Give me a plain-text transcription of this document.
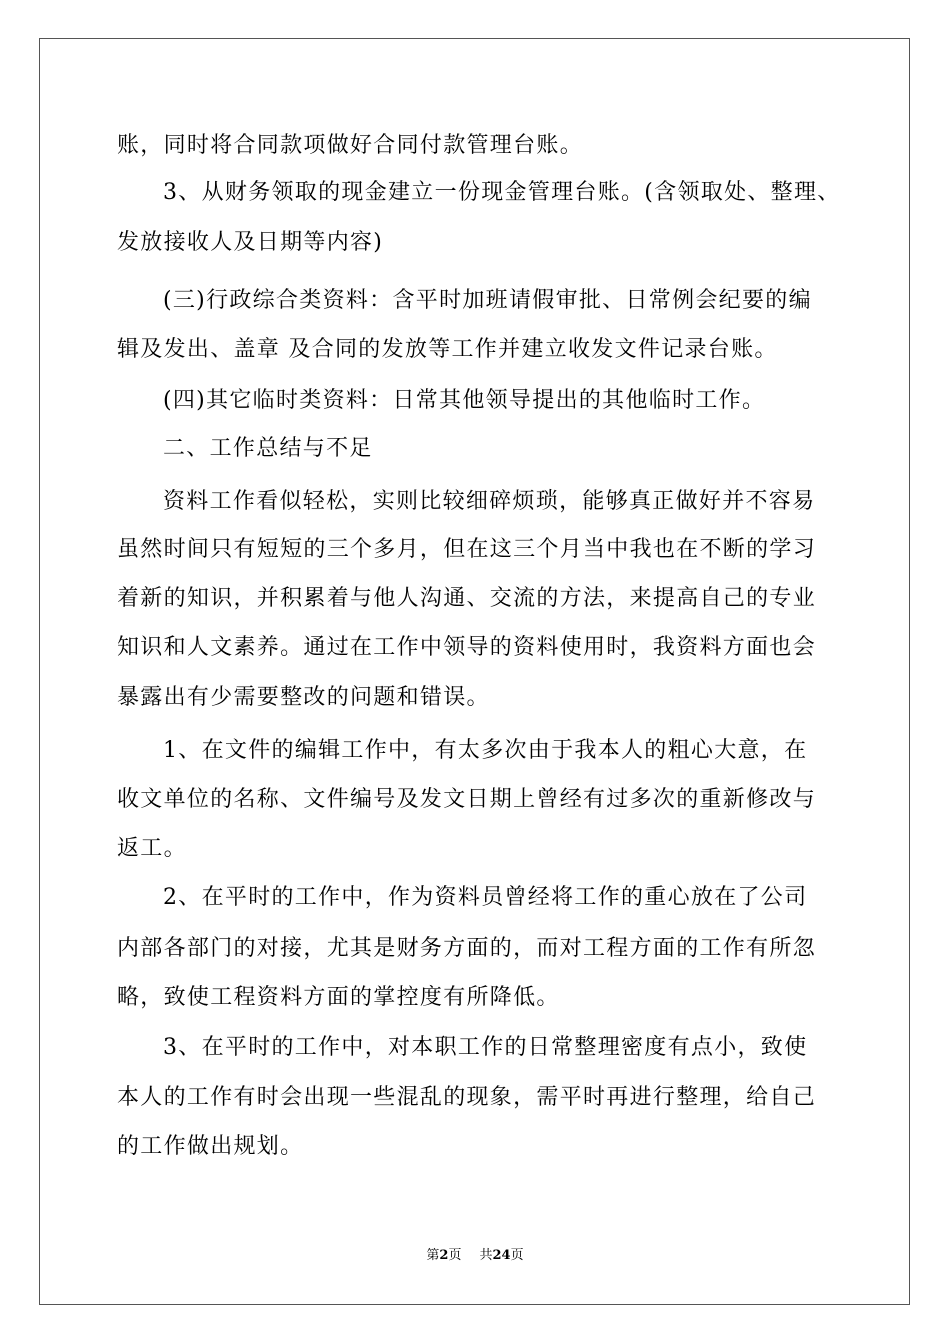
账，同时将合同款项做好合同付款管理台账。
3、从财务领取的现金建立一份现金管理台账。(含领取处、整理、
发放接收人及日期等内容)
(三)行政综合类资料：含平时加班请假审批、日常例会纪要的编
辑及发出、盖章 及合同的发放等工作并建立收发文件记录台账。
(四)其它临时类资料：日常其他领导提出的其他临时工作。
二、工作总结与不足
资料工作看似轻松，实则比较细碎烦琐，能够真正做好并不容易
虽然时间只有短短的三个多月，但在这三个月当中我也在不断的学习
着新的知识，并积累着与他人沟通、交流的方法，来提高自己的专业
知识和人文素养。通过在工作中领导的资料使用时，我资料方面也会
暴露出有少需要整改的问题和错误。
1、在文件的编辑工作中，有太多次由于我本人的粗心大意，在
收文单位的名称、文件编号及发文日期上曾经有过多次的重新修改与
返工。
2、在平时的工作中，作为资料员曾经将工作的重心放在了公司
内部各部门的对接，尤其是财务方面的，而对工程方面的工作有所忽
略，致使工程资料方面的掌控度有所降低。
3、在平时的工作中，对本职工作的日常整理密度有点小，致使
本人的工作有时会出现一些混乱的现象，需平时再进行整理，给自己
的工作做出规划。
第2页 共24页
